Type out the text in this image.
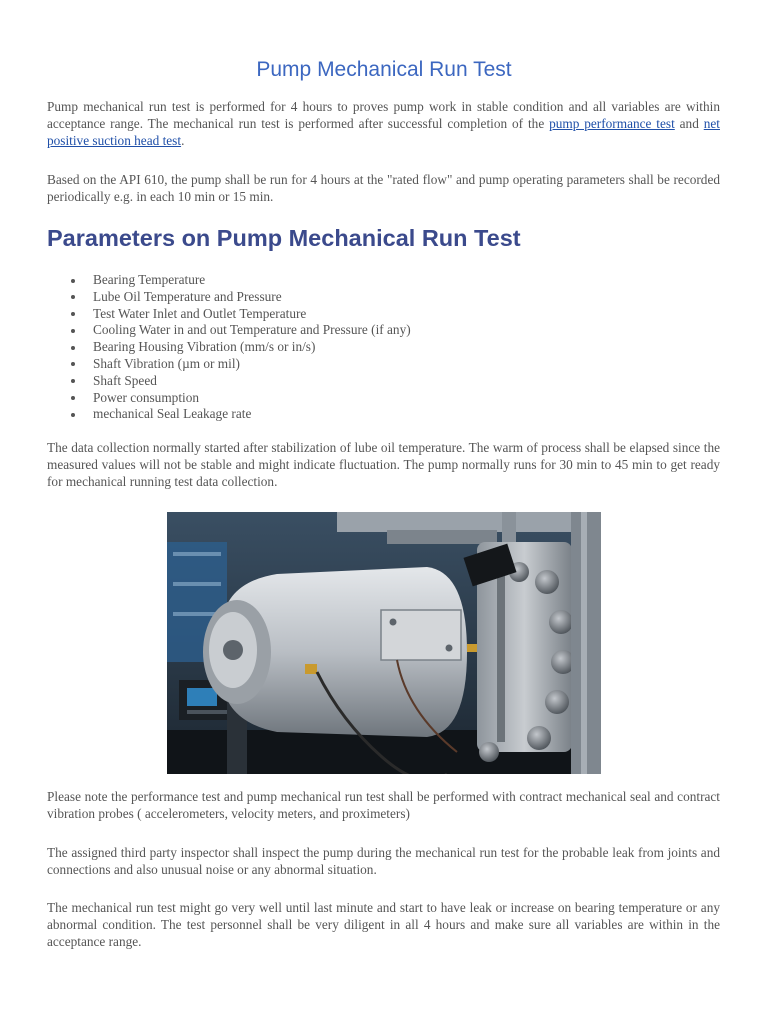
Pump Mechanical Run Test

Pump mechanical run test is performed for 4 hours to proves pump work in stable condition and all variables are within acceptance range. The mechanical run test is performed after successful completion of the pump performance test and net positive suction head test.

Based on the API 610, the pump shall be run for 4 hours at the "rated flow" and pump operating parameters shall be recorded periodically e.g. in each 10 min or 15 min.

Parameters on Pump Mechanical Run Test
Bearing Temperature
Lube Oil Temperature and Pressure
Test Water Inlet and Outlet Temperature
Cooling Water in and out Temperature and Pressure (if any)
Bearing Housing Vibration (mm/s or in/s)
Shaft Vibration (µm or mil)
Shaft Speed
Power consumption
mechanical Seal Leakage rate

The data collection normally started after stabilization of lube oil temperature. The warm of process shall be elapsed since the measured values will not be stable and might indicate fluctuation. The pump normally runs for 30 min to 45 min to get ready for mechanical running test data collection.

Please note the performance test and pump mechanical run test shall be performed with contract mechanical seal and contract vibration probes ( accelerometers, velocity meters, and proximeters)

The assigned third party inspector shall inspect the pump during the mechanical run test for the probable leak from joints and connections and also unusual noise or any abnormal situation.

The mechanical run test might go very well until last minute and start to have leak or increase on bearing temperature or any abnormal condition. The test personnel shall be very diligent in all 4 hours and make sure all variables are within in the acceptance range.
